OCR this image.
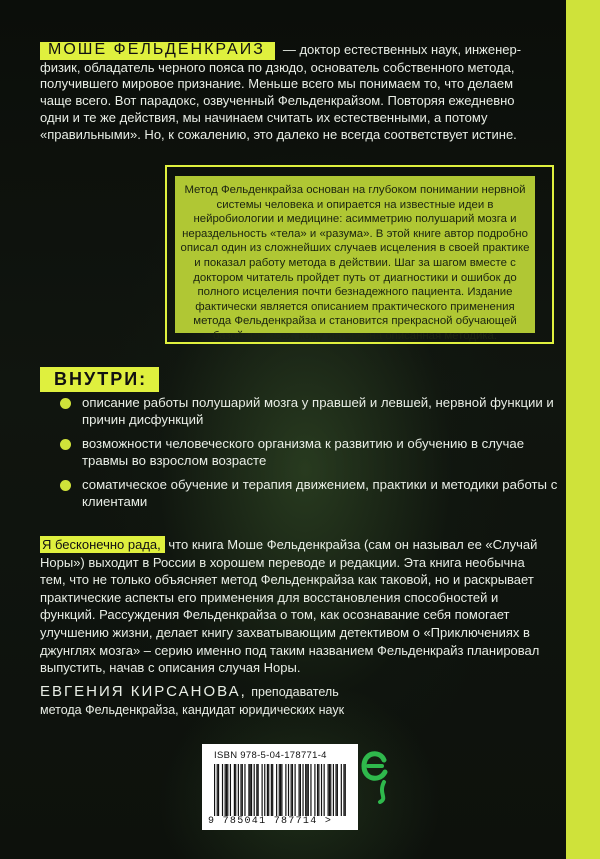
МОШЕ ФЕЛЬДЕНКРАЙЗ — доктор естественных наук, инженер-физик, обладатель черного пояса по дзюдо, основатель собственного метода, получившего мировое признание. Меньше всего мы понимаем то, что делаем чаще всего. Вот парадокс, озвученный Фельденкрайзом. Повторяя ежедневно одни и те же действия, мы начинаем считать их естественными, а потому «правильными». Но, к сожалению, это далеко не всегда соответствует истине.
Метод Фельденкрайза основан на глубоком понимании нервной системы человека и опирается на известные идеи в нейробиологии и медицине: асимметрию полушарий мозга и нераздельность «тела» и «разума». В этой книге автор подробно описал один из сложнейших случаев исцеления в своей практике и показал работу метода в действии. Шаг за шагом вместе с доктором читатель пройдет путь от диагностики и ошибок до полного исцеления почти безнадежного пациента. Издание фактически является описанием практического применения метода Фельденкрайза и становится прекрасной обучающей базой для всех, кому интересна описанная методика.
ВНУТРИ:
описание работы полушарий мозга у правшей и левшей, нервной функции и причин дисфункций
возможности человеческого организма к развитию и обучению в случае травмы во взрослом возрасте
соматическое обучение и терапия движением, практики и методики работы с клиентами
Я бесконечно рада, что книга Моше Фельденкрайза (сам он называл ее «Случай Норы») выходит в России в хорошем переводе и редакции. Эта книга необычна тем, что не только объясняет метод Фельденкрайза как таковой, но и раскрывает практические аспекты его применения для восстановления способностей и функций. Рассуждения Фельденкрайза о том, как осознавание себя помогает улучшению жизни, делает книгу захватывающим детективом о «Приключениях в джунглях мозга» – серию именно под таким названием Фельденкрайз планировал выпустить, начав с описания случая Норы.
ЕВГЕНИЯ КИРСАНОВА, преподаватель
метода Фельденкрайза, кандидат юридических наук
ISBN 978-5-04-178771-4
9 785041 787714 >
